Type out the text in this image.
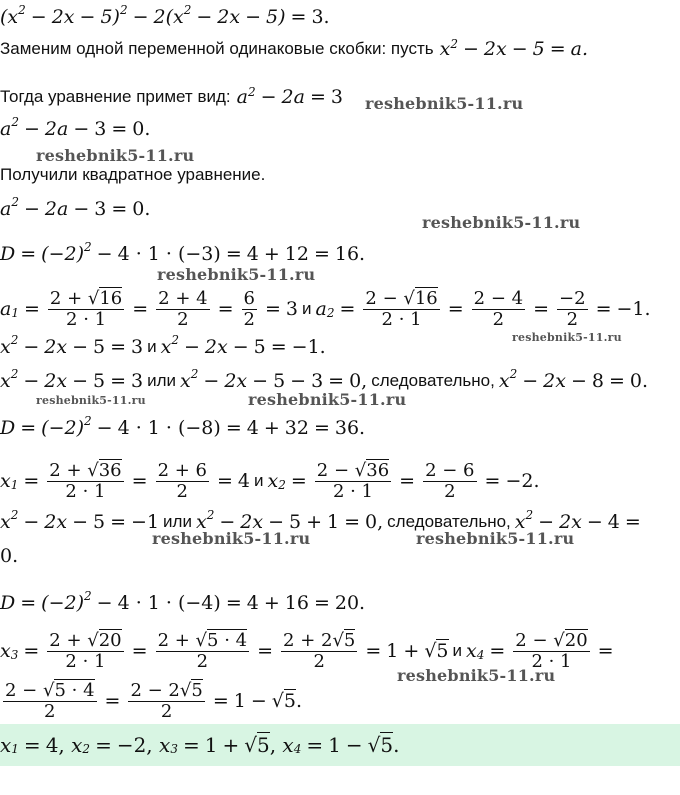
$(x^2 - 2x - 5)^2 - 2(x^2 - 2x - 5) = 3$.
Заменим одной переменной одинаковые скобки: пусть $x^2 - 2x - 5 = a$.
Тогда уравнение примет вид: $a^2 - 2a = 3$ reshebnik5-11.ru
$a^2 - 2a - 3 = 0$.
reshebnik5-11.ru
Получили квадратное уравнение.
$a^2 - 2a - 3 = 0$.
reshebnik5-11.ru
$D = (-2)^2 - 4 \cdot 1 \cdot (-3) = 4 + 12 = 16$.
reshebnik5-11.ru
$a_1 = \frac{2 + √16}{2 \cdot 1} = \frac{2 + 4}{2} = \frac{6}{2} = 3$ и $a_2 = \frac{2 - √16}{2 \cdot 1} = \frac{2 - 4}{2} = \frac{-2}{2} = -1$.
reshebnik5-11.ru
$x^2 - 2x - 5 = 3$ и $x^2 - 2x - 5 = -1$.
$x^2 - 2x - 5 = 3$ или $x^2 - 2x - 5 - 3 = 0$, следовательно, $x^2 - 2x - 8 = 0$.
reshebnik5-11.ru	reshebnik5-11.ru
$D = (-2)^2 - 4 \cdot 1 \cdot (-8) = 4 + 32 = 36$.
$x_1 = \frac{2 + √36}{2 \cdot 1} = \frac{2 + 6}{2} = 4$ и $x_2 = \frac{2 - √36}{2 \cdot 1} = \frac{2 - 6}{2} = -2$.
$x^2 - 2x - 5 = -1$ или $x^2 - 2x - 5 + 1 = 0$, следовательно, $x^2 - 2x - 4$ =
reshebnik5-11.ru	reshebnik5-11.ru
0.
$D = (-2)^2 - 4 \cdot 1 \cdot (-4) = 4 + 16 = 20$.
$x_3 = \frac{2 + √20}{2 \cdot 1} = \frac{2 + √5 \cdot 4}{2} = \frac{2 + 2√5}{2} = 1 + √5$ и $x_4 = \frac{2 - √20}{2 \cdot 1}$ =
reshebnik5-11.ru
$\frac{2 - √5 \cdot 4}{2} = \frac{2 - 2√5}{2} = 1 - √5$.
$x_1 = 4$, $x_2 = -2$, $x_3 = 1 + √5$, $x_4 = 1 - √5$.
